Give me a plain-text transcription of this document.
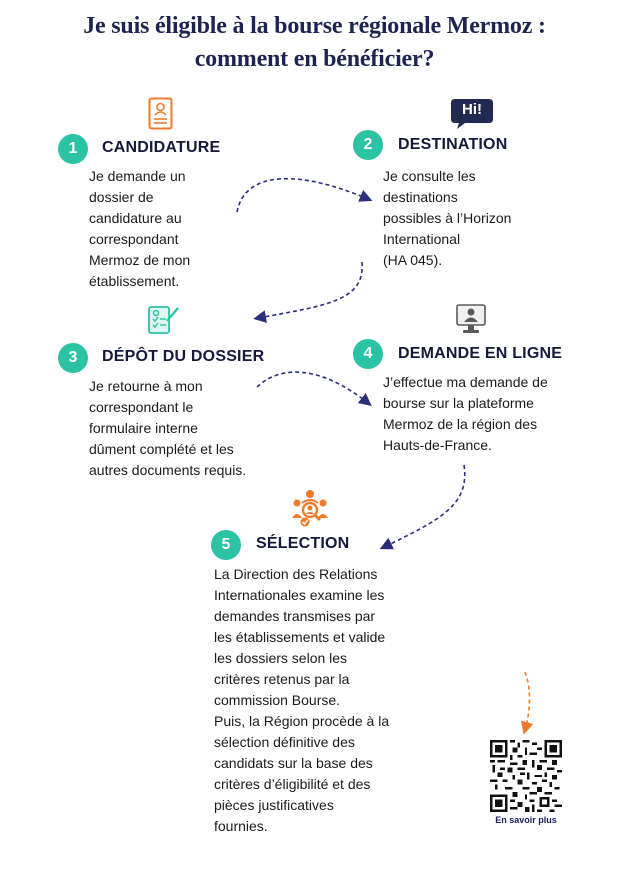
Je suis éligible à la bourse régionale Mermoz :
comment en bénéficier?
1	CANDIDATURE
Je demande un
dossier de
candidature au
correspondant
Mermoz de mon
établissement.
Hi!
2	DESTINATION
Je consulte les
destinations
possibles à l’Horizon
International
(HA 045).
3	DÉPÔT DU DOSSIER
Je retourne à mon
correspondant le
formulaire interne
dûment complété et les
autres documents requis.
4	DEMANDE EN LIGNE
J’effectue ma demande de
bourse sur la plateforme
Mermoz de la région des
Hauts-de-France.
5	SÉLECTION
La Direction des Relations
Internationales examine les
demandes transmises par
les établissements et valide
les dossiers selon les
critères retenus par la
commission Bourse.
Puis, la Région procède à la
sélection définitive des
candidats sur la base des
critères d’éligibilité et des
pièces justificatives
fournies.	En savoir plus
